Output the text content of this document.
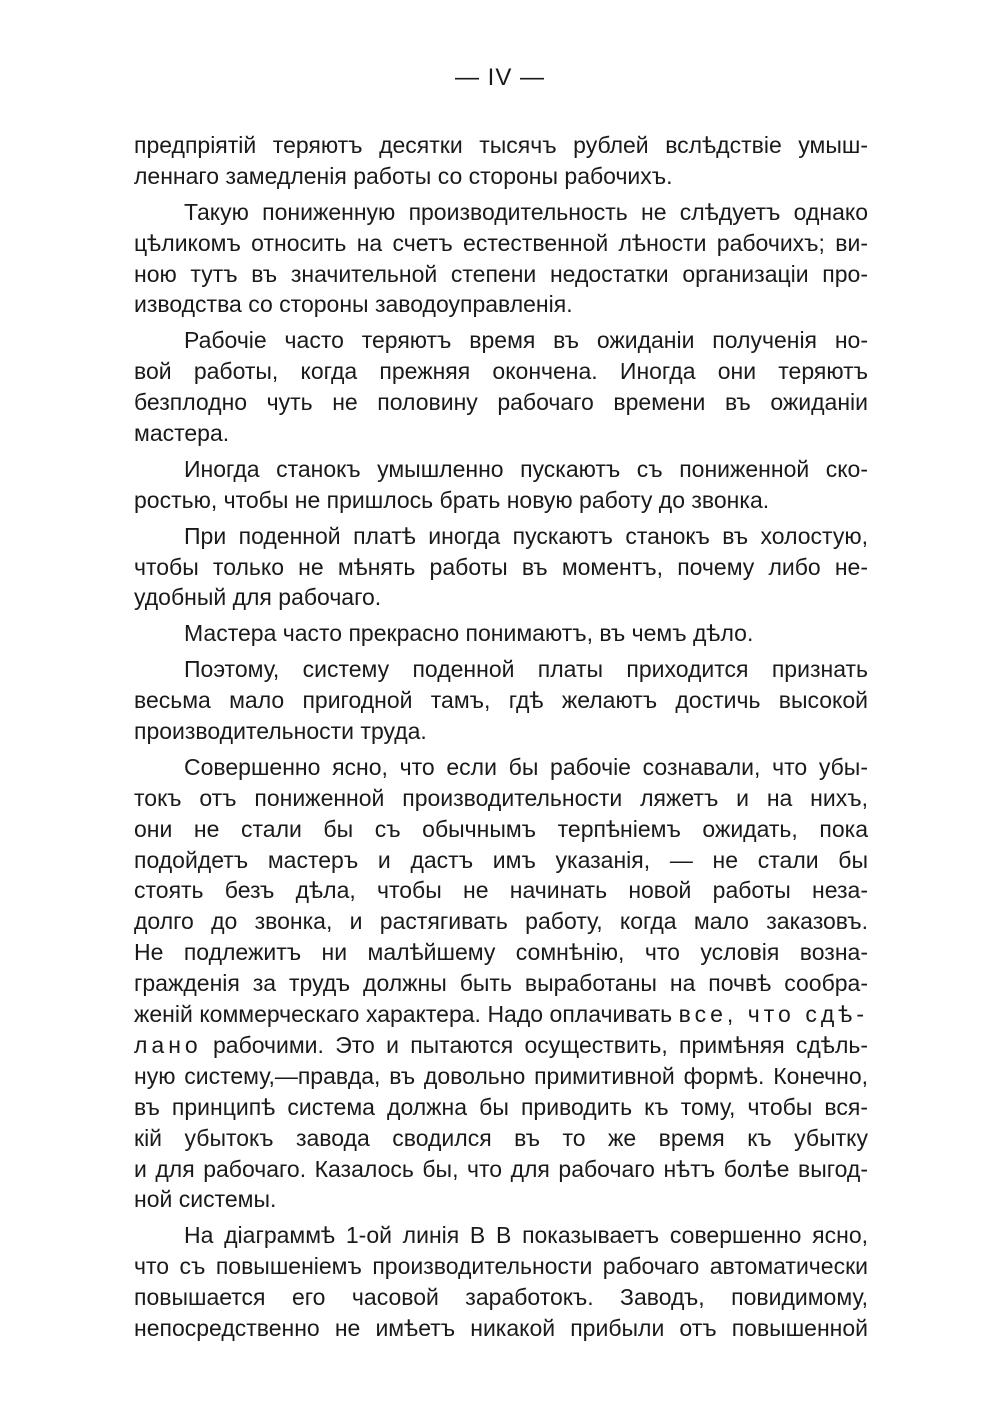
— IV —
предпріятій теряютъ десятки тысячъ рублей вслѣдствіе умыш-
леннаго замедленія работы со стороны рабочихъ.
Такую пониженную производительность не слѣдуетъ однако
цѣликомъ относить на счетъ естественной лѣности рабочихъ; ви-
ною тутъ въ значительной степени недостатки организаціи про-
изводства со стороны заводоуправленія.
Рабочіе часто теряютъ время въ ожиданіи полученія но-
вой работы, когда прежняя окончена. Иногда они теряютъ
безплодно чуть не половину рабочаго времени въ ожиданіи
мастера.
Иногда станокъ умышленно пускаютъ съ пониженной ско-
ростью, чтобы не пришлось брать новую работу до звонка.
При поденной платѣ иногда пускаютъ станокъ въ холостую,
чтобы только не мѣнять работы въ моментъ, почему либо не-
удобный для рабочаго.
Мастера часто прекрасно понимаютъ, въ чемъ дѣло.
Поэтому, систему поденной платы приходится признать
весьма мало пригодной тамъ, гдѣ желаютъ достичь высокой
производительности труда.
Совершенно ясно, что если бы рабочіе сознавали, что убы-
токъ отъ пониженной производительности ляжетъ и на нихъ,
они не стали бы съ обычнымъ терпѣніемъ ожидать, пока
подойдетъ мастеръ и дастъ имъ указанія, — не стали бы
стоять безъ дѣла, чтобы не начинать новой работы неза-
долго до звонка, и растягивать работу, когда мало заказовъ.
Не подлежитъ ни малѣйшему сомнѣнію, что условія возна-
гражденія за трудъ должны быть выработаны на почвѣ сообра-
женій коммерческаго характера. Надо оплачивать все, что сдѣ-
лано рабочими. Это и пытаются осуществить, примѣняя сдѣль-
ную систему,—правда, въ довольно примитивной формѣ. Конечно,
въ принципѣ система должна бы приводить къ тому, чтобы вся-
кій убытокъ завода сводился въ то же время къ убытку
и для рабочаго. Казалось бы, что для рабочаго нѣтъ болѣе выгод-
ной системы.
На діаграммѣ 1-ой линія В В показываетъ совершенно ясно,
что съ повышеніемъ производительности рабочаго автоматически
повышается его часовой заработокъ. Заводъ, повидимому,
непосредственно не имѣетъ никакой прибыли отъ повышенной
